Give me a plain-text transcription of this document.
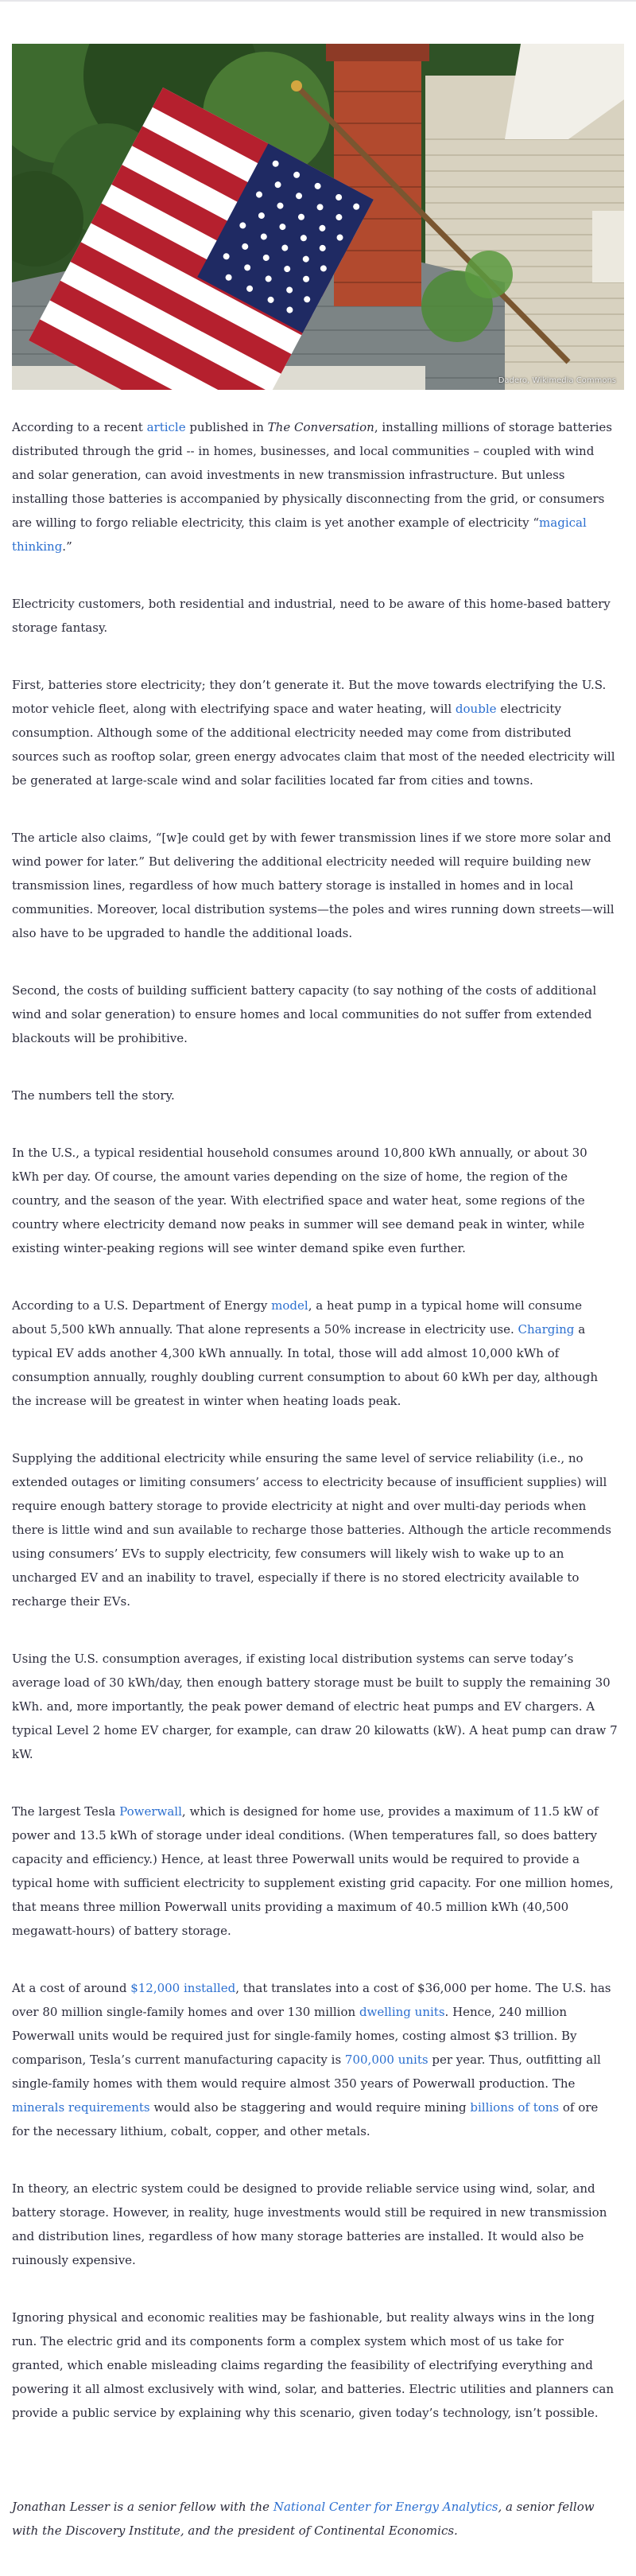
Dadero, Wikimedia Commons

According to a recent article published in The Conversation, installing millions of storage batteries distributed through the grid -- in homes, businesses, and local communities – coupled with wind and solar generation, can avoid investments in new transmission infrastructure. But unless installing those batteries is accompanied by physically disconnecting from the grid, or consumers are willing to forgo reliable electricity, this claim is yet another example of electricity “magical thinking.”

Electricity customers, both residential and industrial, need to be aware of this home-based battery storage fantasy.

First, batteries store electricity; they don’t generate it. But the move towards electrifying the U.S. motor vehicle fleet, along with electrifying space and water heating, will double electricity consumption. Although some of the additional electricity needed may come from distributed sources such as rooftop solar, green energy advocates claim that most of the needed electricity will be generated at large-scale wind and solar facilities located far from cities and towns.

The article also claims, “[w]e could get by with fewer transmission lines if we store more solar and wind power for later.” But delivering the additional electricity needed will require building new transmission lines, regardless of how much battery storage is installed in homes and in local communities. Moreover, local distribution systems—the poles and wires running down streets—will also have to be upgraded to handle the additional loads.

Second, the costs of building sufficient battery capacity (to say nothing of the costs of additional wind and solar generation) to ensure homes and local communities do not suffer from extended blackouts will be prohibitive.

The numbers tell the story.

In the U.S., a typical residential household consumes around 10,800 kWh annually, or about 30 kWh per day. Of course, the amount varies depending on the size of home, the region of the country, and the season of the year. With electrified space and water heat, some regions of the country where electricity demand now peaks in summer will see demand peak in winter, while existing winter-peaking regions will see winter demand spike even further.

According to a U.S. Department of Energy model, a heat pump in a typical home will consume about 5,500 kWh annually. That alone represents a 50% increase in electricity use. Charging a typical EV adds another 4,300 kWh annually. In total, those will add almost 10,000 kWh of consumption annually, roughly doubling current consumption to about 60 kWh per day, although the increase will be greatest in winter when heating loads peak.

Supplying the additional electricity while ensuring the same level of service reliability (i.e., no extended outages or limiting consumers’ access to electricity because of insufficient supplies) will require enough battery storage to provide electricity at night and over multi-day periods when there is little wind and sun available to recharge those batteries. Although the article recommends using consumers’ EVs to supply electricity, few consumers will likely wish to wake up to an uncharged EV and an inability to travel, especially if there is no stored electricity available to recharge their EVs.

Using the U.S. consumption averages, if existing local distribution systems can serve today’s average load of 30 kWh/day, then enough battery storage must be built to supply the remaining 30 kWh. and, more importantly, the peak power demand of electric heat pumps and EV chargers. A typical Level 2 home EV charger, for example, can draw 20 kilowatts (kW). A heat pump can draw 7 kW.

The largest Tesla Powerwall, which is designed for home use, provides a maximum of 11.5 kW of power and 13.5 kWh of storage under ideal conditions. (When temperatures fall, so does battery capacity and efficiency.) Hence, at least three Powerwall units would be required to provide a typical home with sufficient electricity to supplement existing grid capacity. For one million homes, that means three million Powerwall units providing a maximum of 40.5 million kWh (40,500 megawatt-hours) of battery storage.

At a cost of around $12,000 installed, that translates into a cost of $36,000 per home. The U.S. has over 80 million single-family homes and over 130 million dwelling units. Hence, 240 million Powerwall units would be required just for single-family homes, costing almost $3 trillion. By comparison, Tesla’s current manufacturing capacity is 700,000 units per year. Thus, outfitting all single-family homes with them would require almost 350 years of Powerwall production. The minerals requirements would also be staggering and would require mining billions of tons of ore for the necessary lithium, cobalt, copper, and other metals.

In theory, an electric system could be designed to provide reliable service using wind, solar, and battery storage. However, in reality, huge investments would still be required in new transmission and distribution lines, regardless of how many storage batteries are installed. It would also be ruinously expensive.

Ignoring physical and economic realities may be fashionable, but reality always wins in the long run. The electric grid and its components form a complex system which most of us take for granted, which enable misleading claims regarding the feasibility of electrifying everything and powering it all almost exclusively with wind, solar, and batteries. Electric utilities and planners can provide a public service by explaining why this scenario, given today’s technology, isn’t possible.

Jonathan Lesser is a senior fellow with the National Center for Energy Analytics, a senior fellow with the Discovery Institute, and the president of Continental Economics.
